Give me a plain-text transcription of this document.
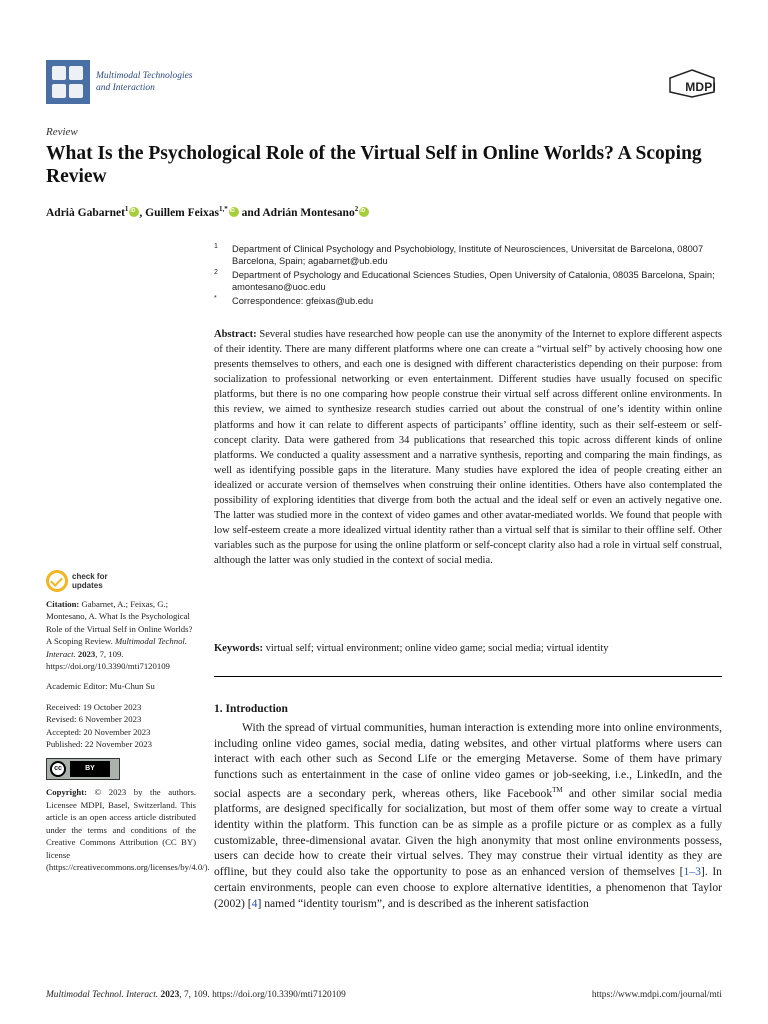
Multimodal Technologies
and Interaction	MDPI
Review
What Is the Psychological Role of the Virtual Self in Online Worlds? A Scoping Review
Adrià Gabarnet$^1$iD , Guillem Feixas$^{1,*}$iD and Adrián Montesano$^2$iD
1 Department of Clinical Psychology and Psychobiology, Institute of Neurosciences, Universitat de Barcelona, 08007 Barcelona, Spain; agabarnet@ub.edu
2 Department of Psychology and Educational Sciences Studies, Open University of Catalonia, 08035 Barcelona, Spain; amontesano@uoc.edu
* Correspondence: gfeixas@ub.edu
Abstract: Several studies have researched how people can use the anonymity of the Internet to explore different aspects of their identity. There are many different platforms where one can create a “virtual self” by actively choosing how one presents themselves to others, and each one is designed with different characteristics depending on their purpose: from socialization to professional networking or even entertainment. Different studies have usually focused on specific platforms, but there is no one comparing how people construe their virtual self across different online environments. In this review, we aimed to synthesize research studies carried out about the construal of one’s identity within online platforms and how it can relate to different aspects of participants’ offline identity, such as their self-esteem or self-concept clarity. Data were gathered from 34 publications that researched this topic across different kinds of online platforms. We conducted a quality assessment and a narrative synthesis, reporting and comparing the main findings, as well as identifying possible gaps in the literature. Many studies have explored the idea of people creating either an idealized or accurate version of themselves when construing their online identities. Others have also contemplated the possibility of exploring identities that diverge from both the actual and the ideal self or even an actively negative one. The latter was studied more in the context of video games and other avatar-mediated worlds. We found that people with low self-esteem create a more idealized virtual identity rather than a virtual self that is similar to their offline self. Other variables such as the purpose for using the online platform or self-concept clarity also had a role in virtual self construal, although the latter was only studied in the context of social media.
Keywords: virtual self; virtual environment; online video game; social media; virtual identity
1. Introduction
With the spread of virtual communities, human interaction is extending more into online environments, including online video games, social media, dating websites, and other virtual platforms where users can interact with each other such as Second Life or the emerging Metaverse. Some of them have primary functions such as entertainment in the case of online video games or job-seeking, i.e., LinkedIn, and the social aspects are a secondary perk, whereas others, like Facebook™ and other similar social media platforms, are designed specifically for socialization, but most of them offer some way to create a virtual identity within the platform. This function can be as simple as a profile picture or as complex as a fully customizable, three-dimensional avatar. Given the high anonymity that most online environments possess, users can decide how to create their virtual selves. They may construe their virtual identity as they are offline, but they could also take the opportunity to pose as an enhanced version of themselves [1–3]. In certain environments, people can even choose to explore alternative identities, a phenomenon that Taylor (2002) [4] named “identity tourism”, and is described as the inherent satisfaction
check for
updates
Citation: Gabarnet, A.; Feixas, G.; Montesano, A. What Is the Psychological Role of the Virtual Self in Online Worlds? A Scoping Review. Multimodal Technol. Interact. 2023, 7, 109. https://doi.org/10.3390/mti7120109
Academic Editor: Mu-Chun Su
Received: 19 October 2023
Revised: 6 November 2023
Accepted: 20 November 2023
Published: 22 November 2023
cc	BY
Copyright: © 2023 by the authors. Licensee MDPI, Basel, Switzerland. This article is an open access article distributed under the terms and conditions of the Creative Commons Attribution (CC BY) license (https://creativecommons.org/licenses/by/4.0/).
Multimodal Technol. Interact. 2023, 7, 109. https://doi.org/10.3390/mti7120109	https://www.mdpi.com/journal/mti
